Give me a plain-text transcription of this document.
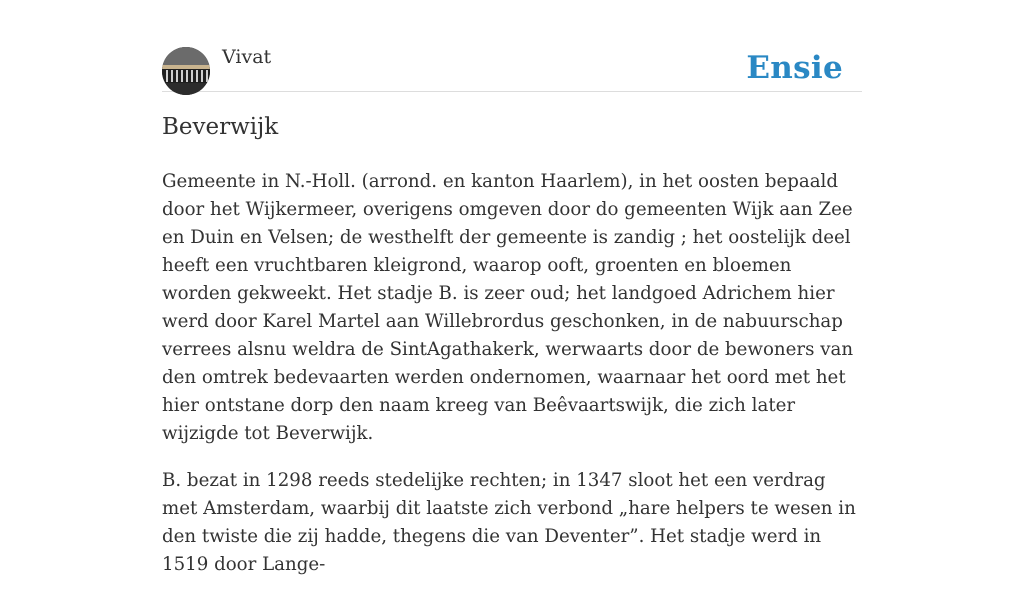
Vivat	Ensie
Beverwijk

Gemeente in N.-Holl. (arrond. en kanton Haarlem), in het oosten bepaald door het Wijkermeer, overigens omgeven door do gemeenten Wijk aan Zee en Duin en Velsen; de westhelft der gemeente is zandig ; het oostelijk deel heeft een vruchtbaren kleigrond, waarop ooft, groenten en bloemen worden gekweekt. Het stadje B. is zeer oud; het landgoed Adrichem hier werd door Karel Martel aan Willebrordus geschonken, in de nabuurschap verrees alsnu weldra de SintAgathakerk, werwaarts door de bewoners van den omtrek bedevaarten werden ondernomen, waarnaar het oord met het hier ontstane dorp den naam kreeg van Beêvaartswijk, die zich later wijzigde tot Beverwijk.

B. bezat in 1298 reeds stedelijke rechten; in 1347 sloot het een verdrag met Amsterdam, waarbij dit laatste zich verbond „hare helpers te wesen in den twiste die zij hadde, thegens die van Deventer”. Het stadje werd in 1519 door Lange-
